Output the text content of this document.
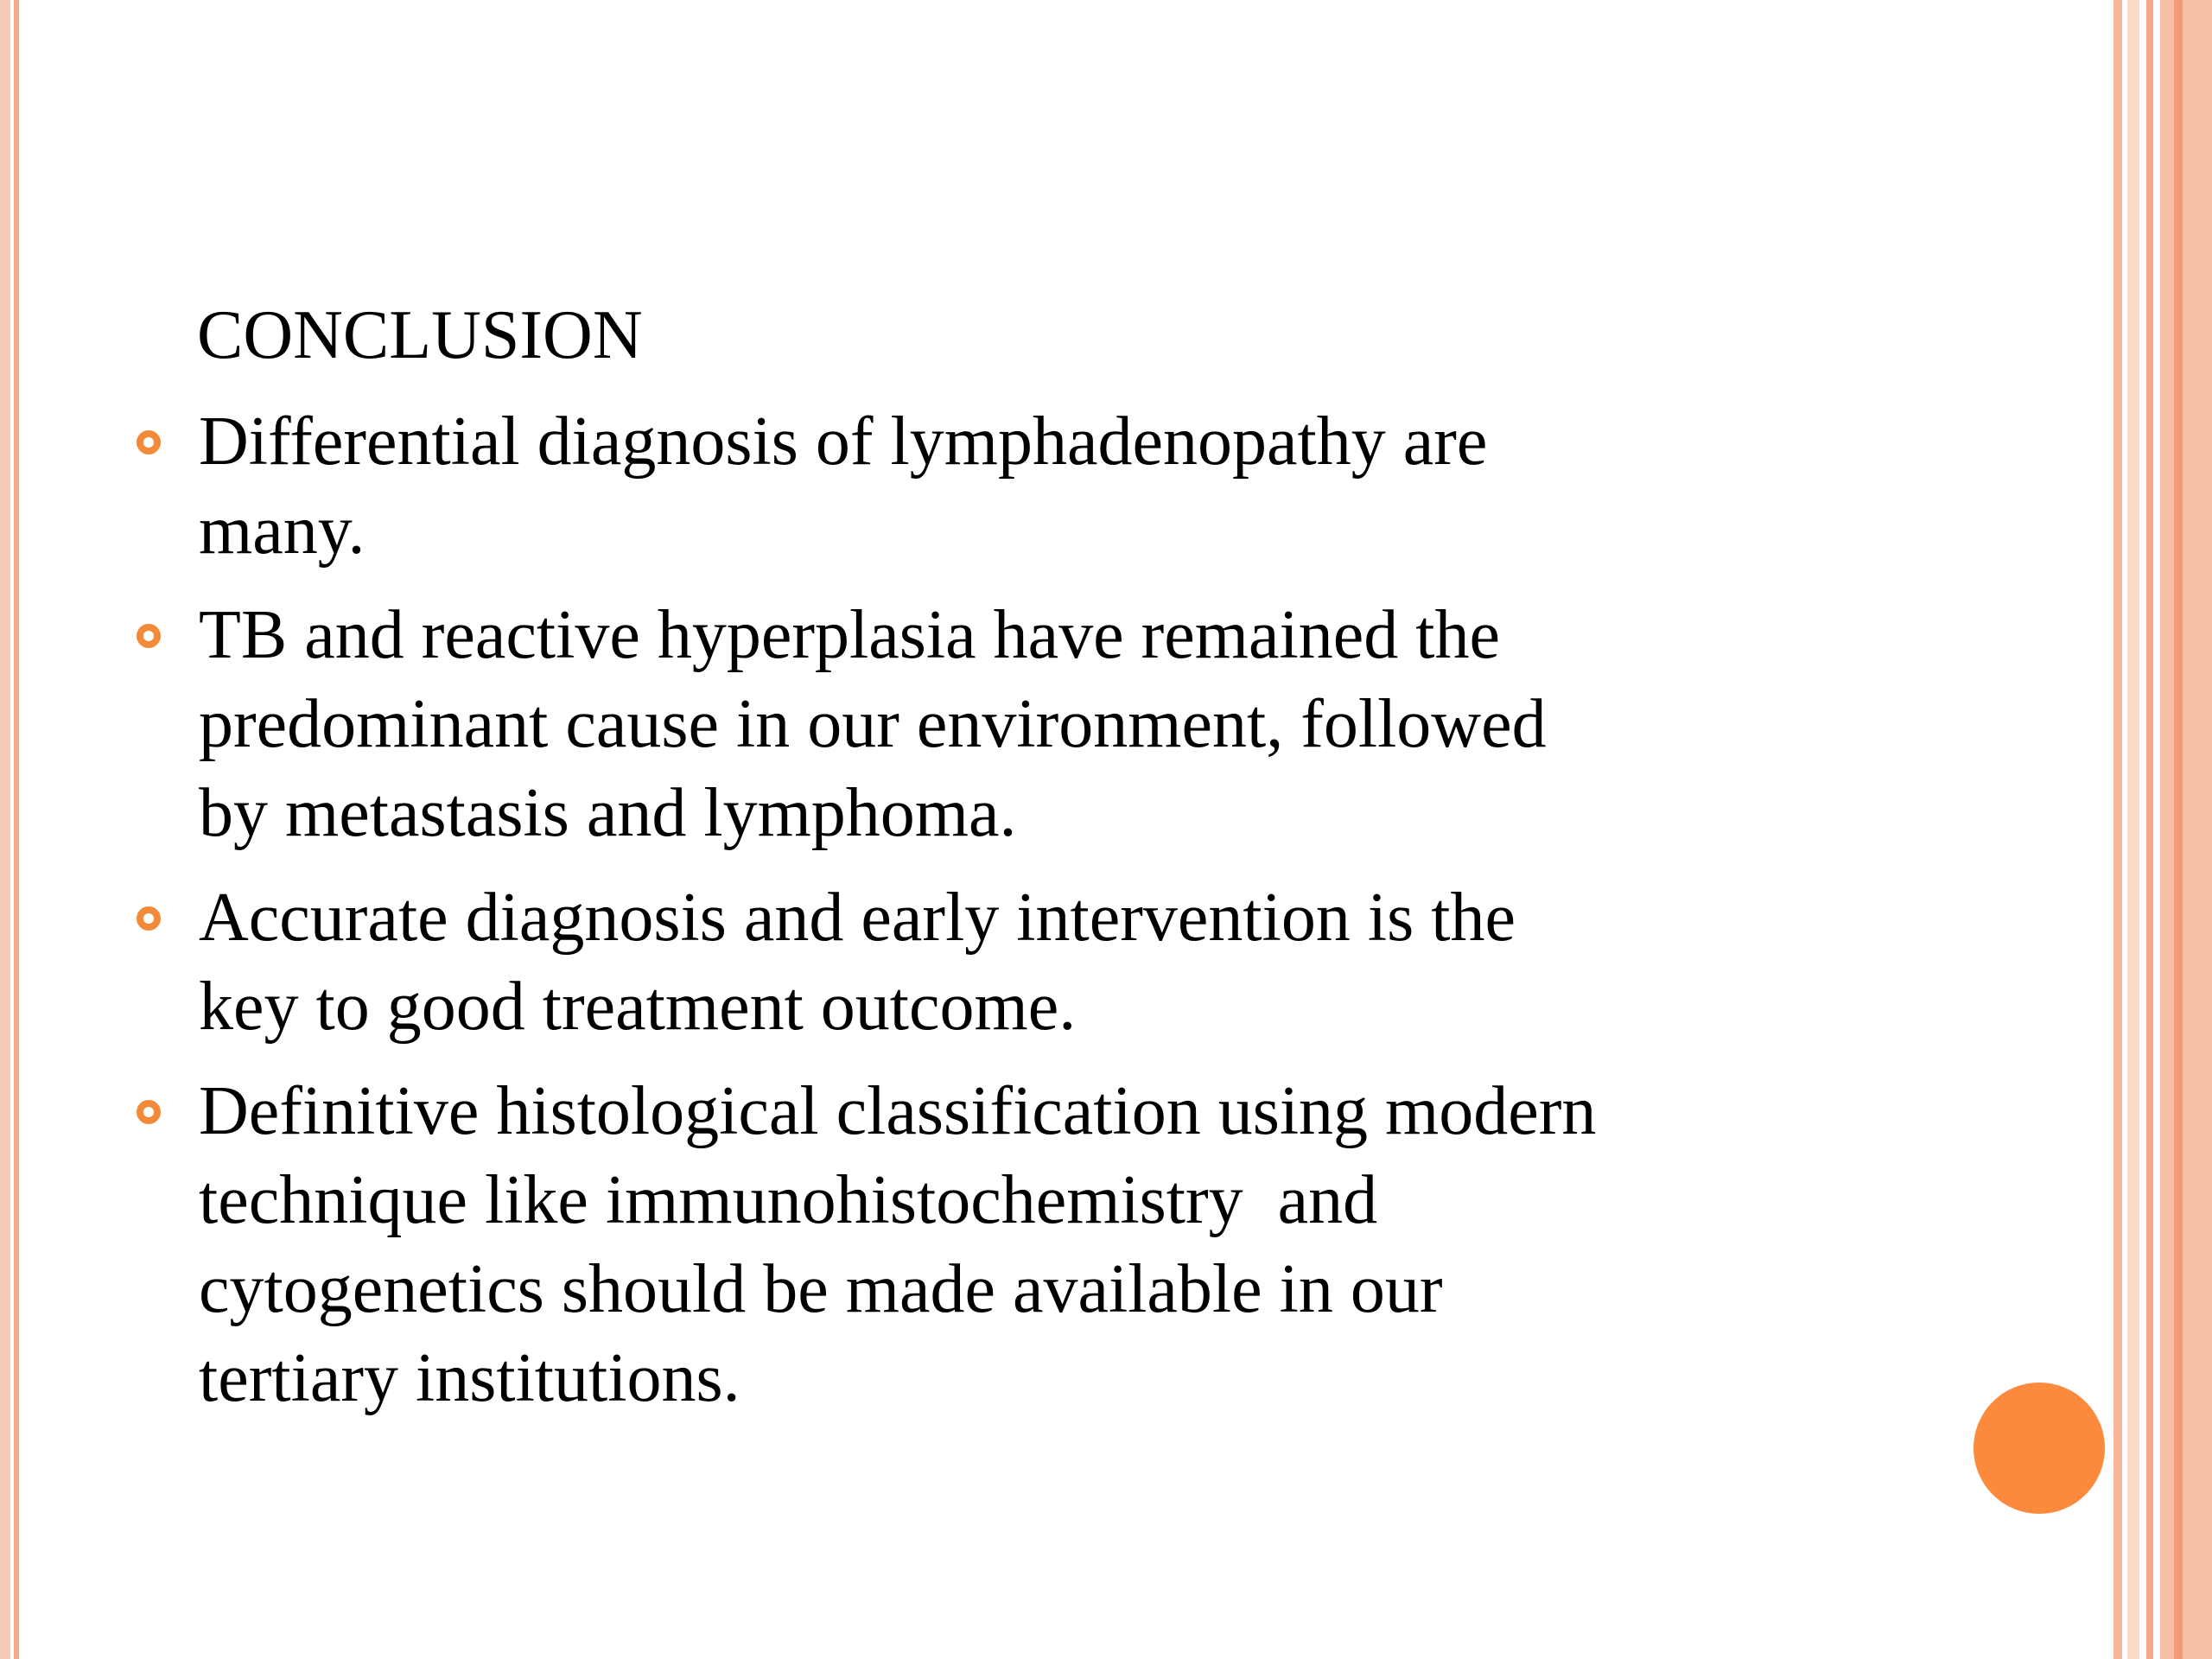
CONCLUSION
Differential diagnosis of lymphadenopathy are
many.
TB and reactive hyperplasia have remained the
predominant cause in our environment, followed
by metastasis and lymphoma.
Accurate diagnosis and early intervention is the
key to good treatment outcome.
Definitive histological classification using modern
technique like immunohistochemistry  and
cytogenetics should be made available in our
tertiary institutions.
